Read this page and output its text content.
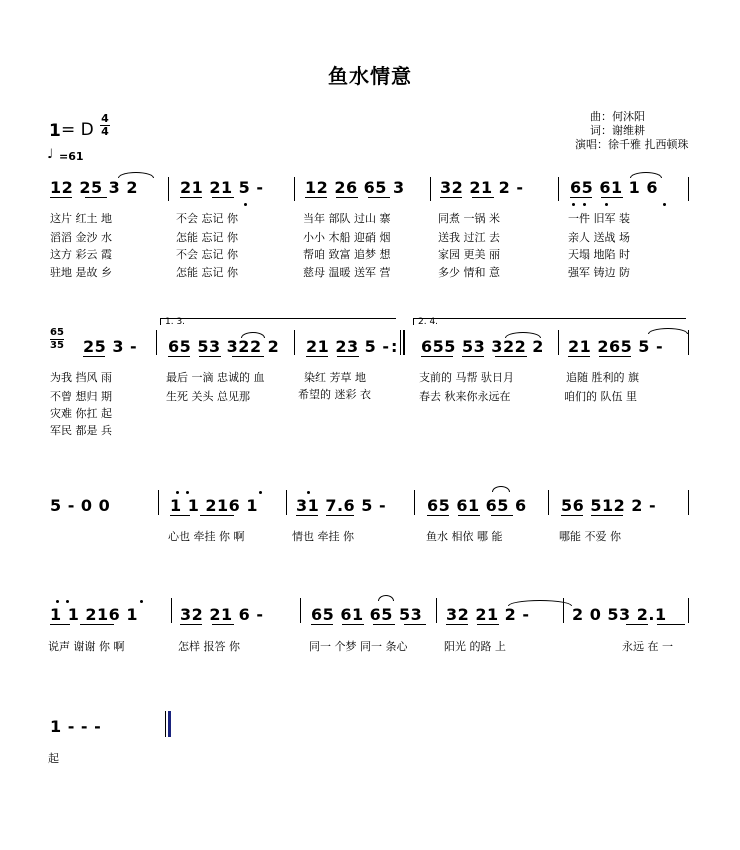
鱼水情意
曲：何沐阳
词：谢维耕
演唱：徐千雅 扎西顿珠
1 = D
4
4
♩ =61
12 25 3 2	21 21 5 -	12 26 65 3 32 21 2 -	65 61 1 6
这片 红土 地	不会 忘记 你	当年 部队 过山 寨	同煮 一锅 米	一件 旧军 装
滔滔 金沙 水	怎能 忘记 你	小小 木船 迎硝 烟	送我 过江 去	亲人 送战 场
这方 彩云 霞	不会 忘记 你	帮咱 致富 追梦 想	家园 更美 丽	天塌 地陷 时
驻地 是故 乡	怎能 忘记 你	慈母 温暖 送军 营	多少 情和 意	强军 铸边 防
1. 3.	2. 4.
65
35 25 3 - 65 53 322 2 21 23 5 - : 655 53 322 2 21 265 5 -
为我 挡风 雨	最后 一滴 忠诚的 血	染红 芳草 地	支前的 马帮 驮日月	追随 胜利的 旗
不曾 想归 期	生死 关头 总见那	希望的 迷彩 衣	春去 秋来你永远在	咱们的 队伍 里
灾难 你扛 起
军民 都是 兵
5 - 0 0	1 1 216 1 31 7.6 5 -	65 61 65 6 56 512 2 -
心也 牵挂 你 啊	情也 牵挂 你	鱼水 相依 哪 能	哪能 不爱 你
1 1 216 1	32 21 6 -	65 61 65 53 32 21 2 -	2 0 53 2.1
说声 谢谢 你 啊	怎样 报答 你	同一 个梦 同一 条心	阳光 的路 上	永远 在 一
1 - - -
起
